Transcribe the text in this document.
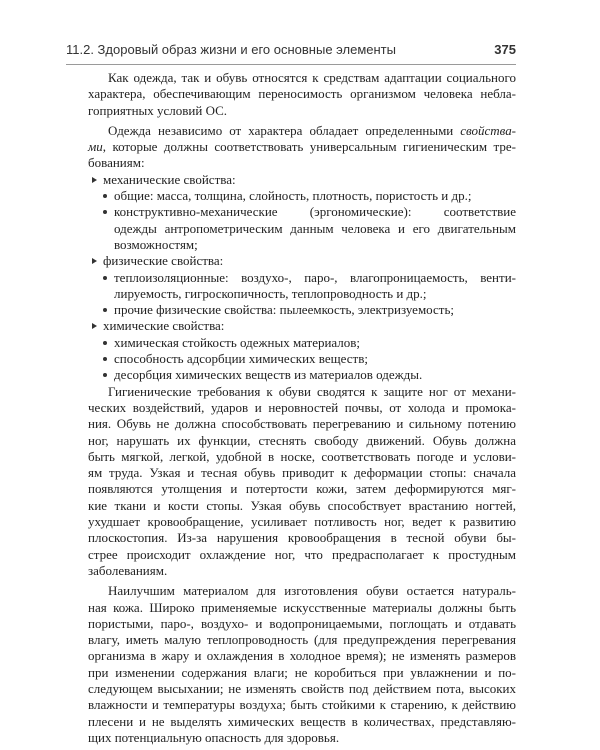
11.2. Здоровый образ жизни и его основные элементы	375
Как одежда, так и обувь относятся к средствам адаптации социального
характера, обеспечивающим переносимость организмом человека небла-
гоприятных условий ОС.
Одежда независимо от характера обладает определенными свойства-
ми, которые должны соответствовать универсальным гигиеническим тре-
бованиям:
механические свойства:
общие: масса, толщина, слойность, плотность, пористость и др.;
конструктивно-механические (эргономические): соответствие
одежды антропометрическим данным человека и его двигательным
возможностям;
физические свойства:
теплоизоляционные: воздухо-, паро-, влагопроницаемость, венти-
лируемость, гигроскопичность, теплопроводность и др.;
прочие физические свойства: пылеемкость, электризуемость;
химические свойства:
химическая стойкость одежных материалов;
способность адсорбции химических веществ;
десорбция химических веществ из материалов одежды.
Гигиенические требования к обуви сводятся к защите ног от механи-
ческих воздействий, ударов и неровностей почвы, от холода и промока-
ния. Обувь не должна способствовать перегреванию и сильному потению
ног, нарушать их функции, стеснять свободу движений. Обувь должна
быть мягкой, легкой, удобной в носке, соответствовать погоде и услови-
ям труда. Узкая и тесная обувь приводит к деформации стопы: сначала
появляются утолщения и потертости кожи, затем деформируются мяг-
кие ткани и кости стопы. Узкая обувь способствует врастанию ногтей,
ухудшает кровообращение, усиливает потливость ног, ведет к развитию
плоскостопия. Из-за нарушения кровообращения в тесной обуви бы-
стрее происходит охлаждение ног, что предрасполагает к простудным
заболеваниям.
Наилучшим материалом для изготовления обуви остается натураль-
ная кожа. Широко применяемые искусственные материалы должны быть
пористыми, паро-, воздухо- и водопроницаемыми, поглощать и отдавать
влагу, иметь малую теплопроводность (для предупреждения перегревания
организма в жару и охлаждения в холодное время); не изменять размеров
при изменении содержания влаги; не коробиться при увлажнении и по-
следующем высыхании; не изменять свойств под действием пота, высоких
влажности и температуры воздуха; быть стойкими к старению, к действию
плесени и не выделять химических веществ в количествах, представляю-
щих потенциальную опасность для здоровья.
